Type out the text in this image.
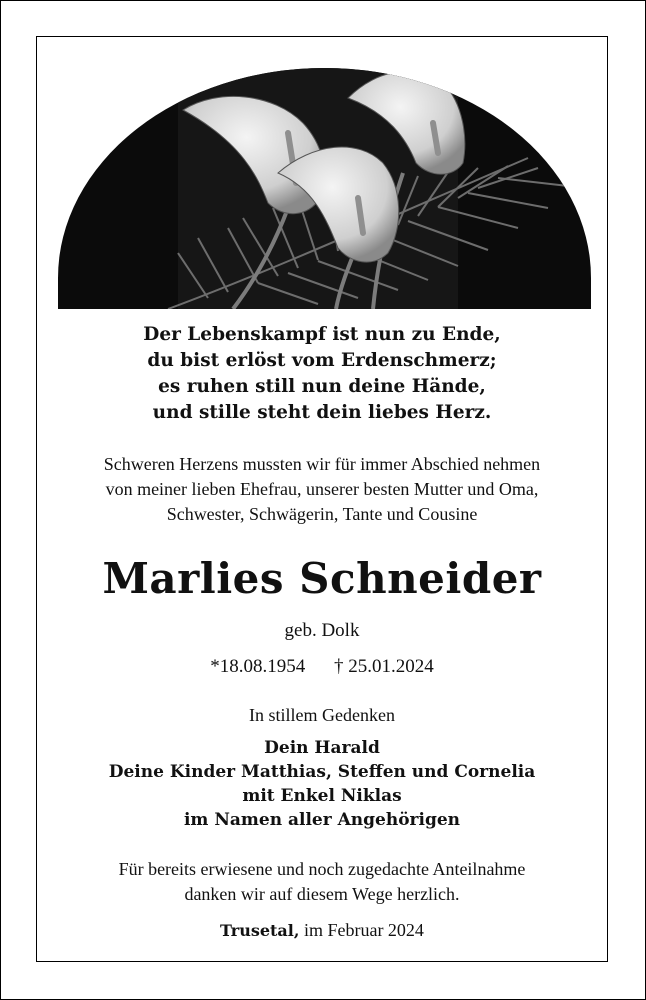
Der Lebenskampf ist nun zu Ende,
du bist erlöst vom Erdenschmerz;
es ruhen still nun deine Hände,
und stille steht dein liebes Herz.
Schweren Herzens mussten wir für immer Abschied nehmen
von meiner lieben Ehefrau, unserer besten Mutter und Oma,
Schwester, Schwägerin, Tante und Cousine
Marlies Schneider
geb. Dolk
*18.08.1954 † 25.01.2024
In stillem Gedenken
Dein Harald
Deine Kinder Matthias, Steffen und Cornelia
mit Enkel Niklas
im Namen aller Angehörigen
Für bereits erwiesene und noch zugedachte Anteilnahme
danken wir auf diesem Wege herzlich.
Trusetal, im Februar 2024
